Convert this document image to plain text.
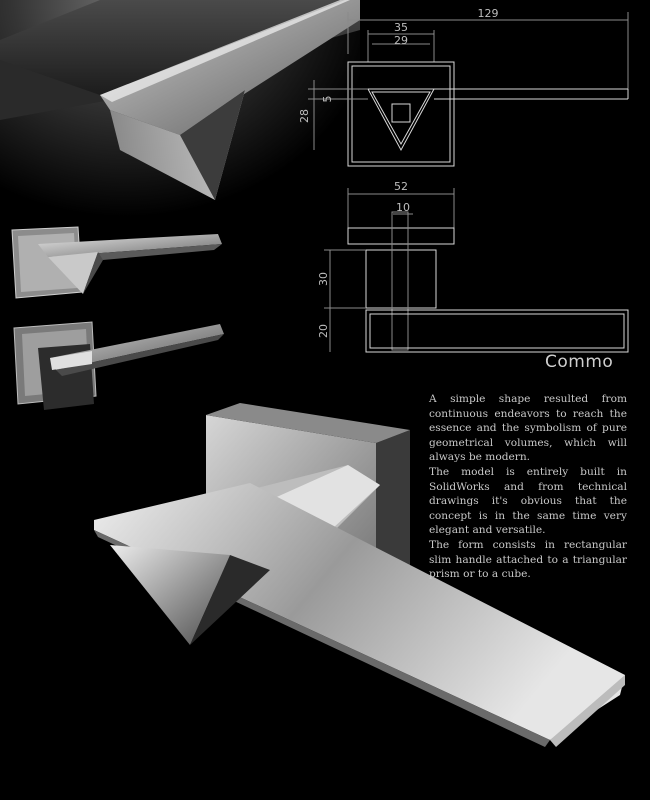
129
35
29
5
28
52
10
30
20
Commo

A simple shape resulted from continuous endeavors to reach the essence and the symbolism of pure geometrical volumes, which will always be modern.

The model is entirely built in SolidWorks and from technical drawings it's obvious that the concept is in the same time very elegant and versatile.

The form consists in rectangular slim handle attached to a triangular prism or to a cube.
